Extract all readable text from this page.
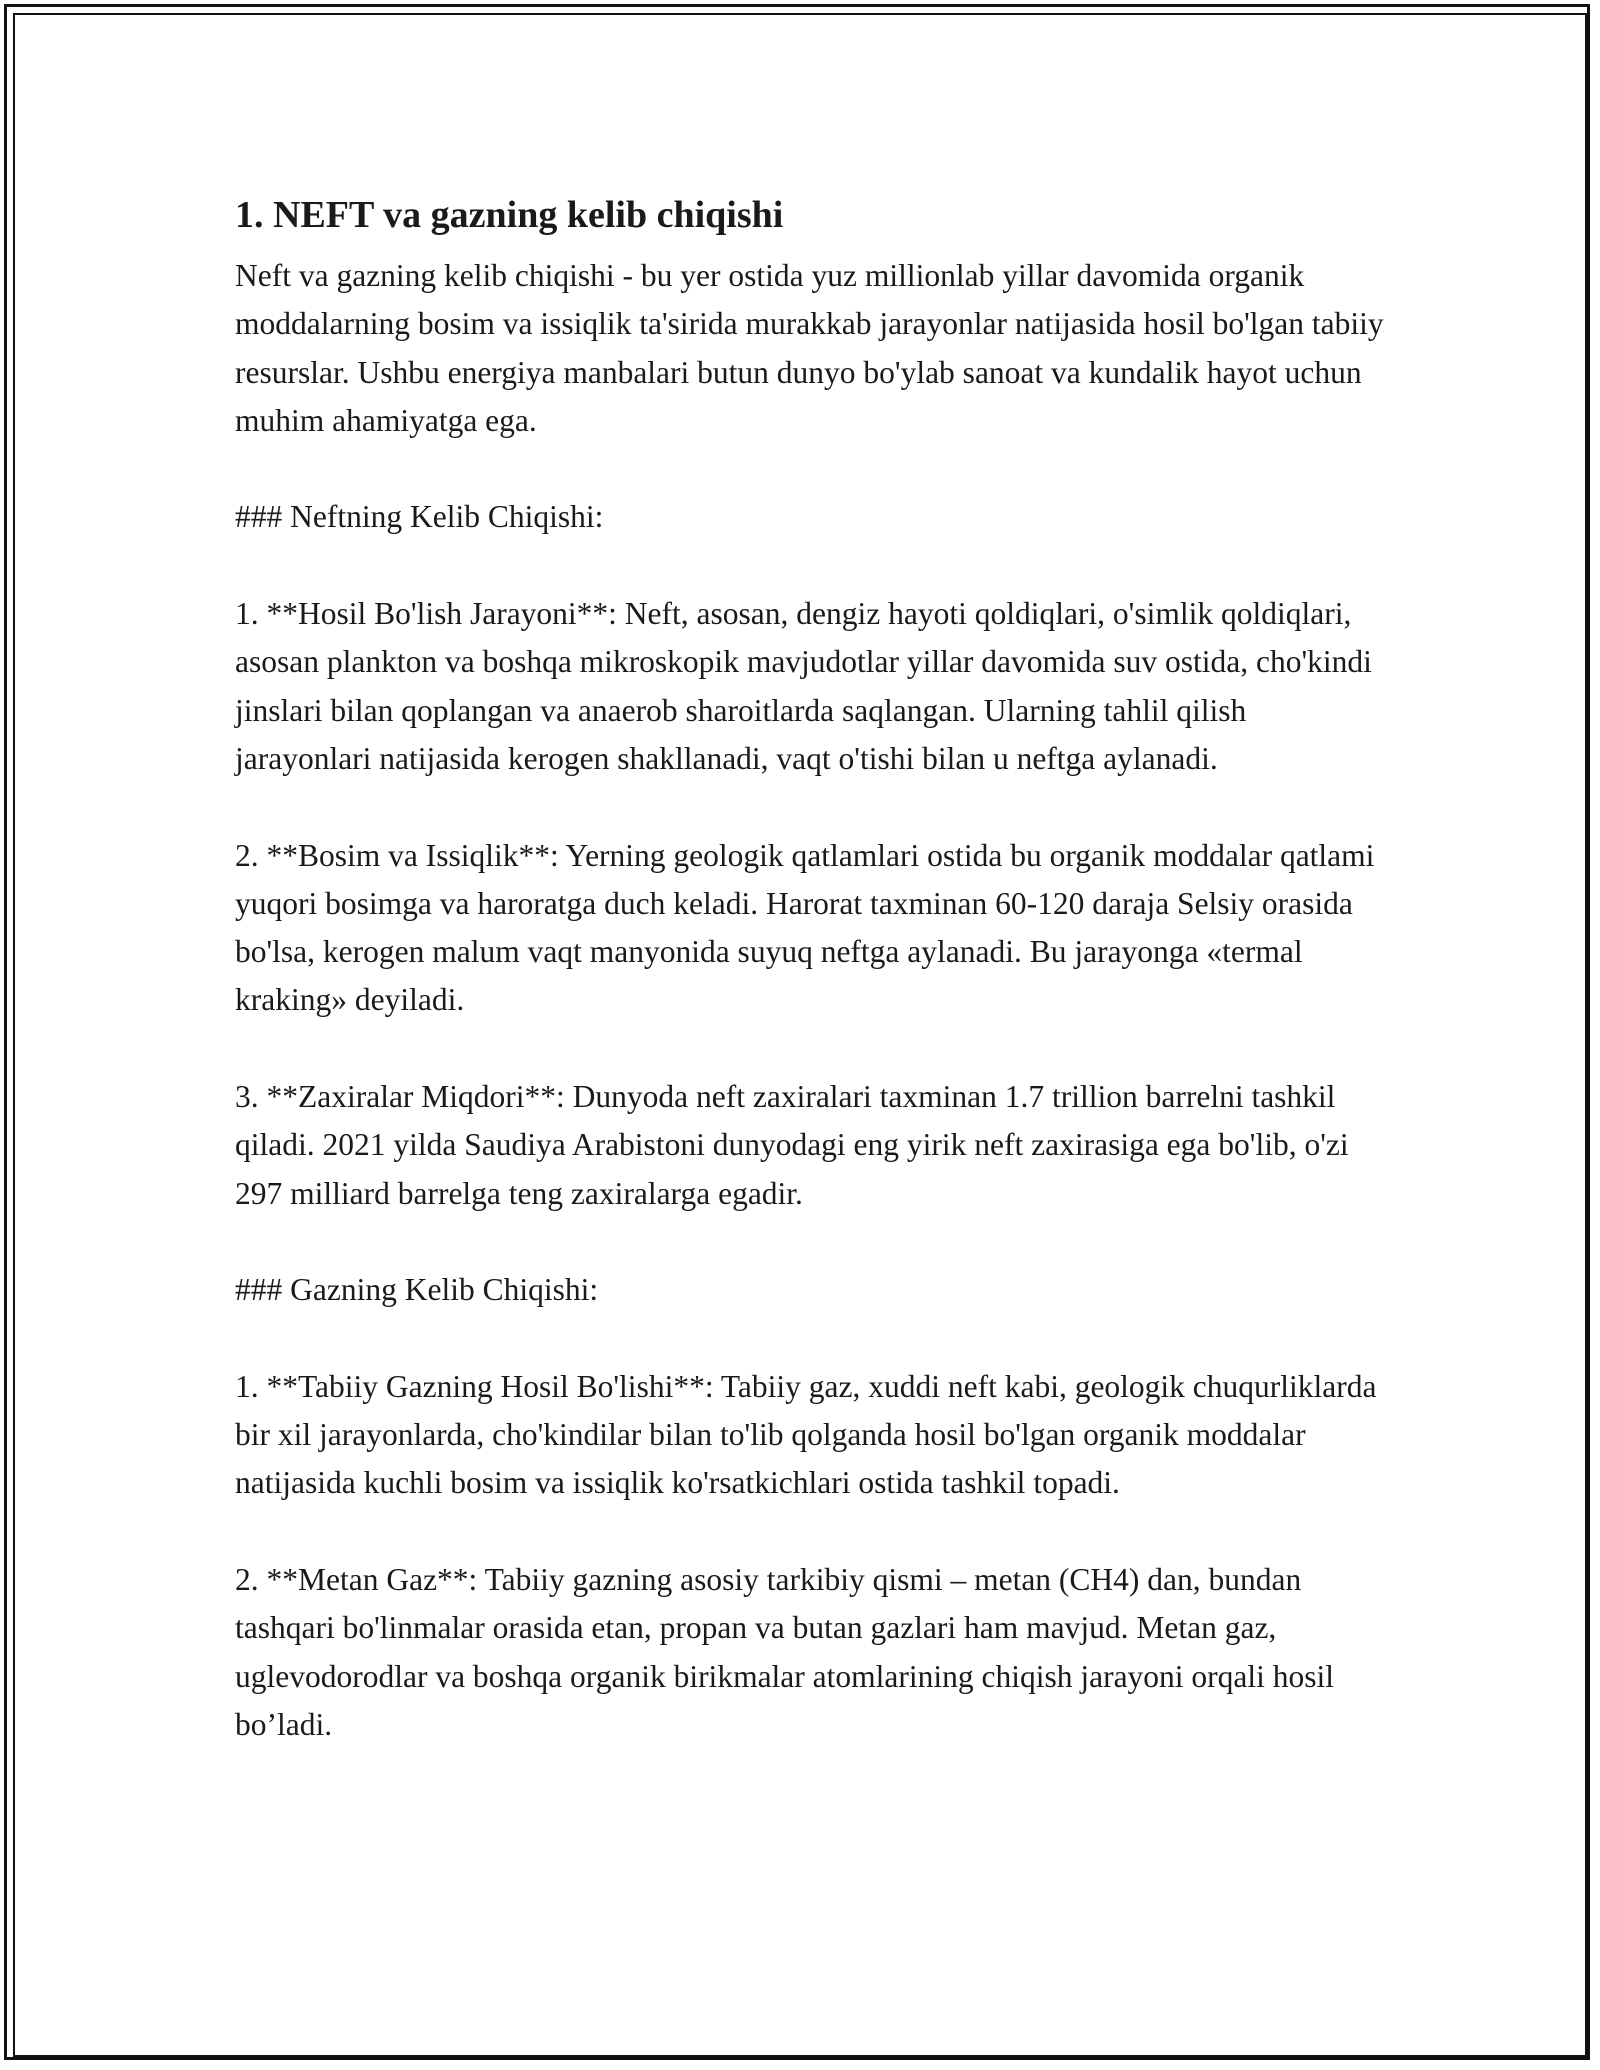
1. NEFT va gazning kelib chiqishi

Neft va gazning kelib chiqishi - bu yer ostida yuz millionlab yillar davomida organik moddalarning bosim va issiqlik ta'sirida murakkab jarayonlar natijasida hosil bo'lgan tabiiy resurslar. Ushbu energiya manbalari butun dunyo bo'ylab sanoat va kundalik hayot uchun muhim ahamiyatga ega.

### Neftning Kelib Chiqishi:

1. **Hosil Bo'lish Jarayoni**: Neft, asosan, dengiz hayoti qoldiqlari, o'simlik qoldiqlari, asosan plankton va boshqa mikroskopik mavjudotlar yillar davomida suv ostida, cho'kindi jinslari bilan qoplangan va anaerob sharoitlarda saqlangan. Ularning tahlil qilish jarayonlari natijasida kerogen shakllanadi, vaqt o'tishi bilan u neftga aylanadi.

2. **Bosim va Issiqlik**: Yerning geologik qatlamlari ostida bu organik moddalar qatlami yuqori bosimga va haroratga duch keladi. Harorat taxminan 60-120 daraja Selsiy orasida bo'lsa, kerogen malum vaqt manyonida suyuq neftga aylanadi. Bu jarayonga «termal kraking» deyiladi.

3. **Zaxiralar Miqdori**: Dunyoda neft zaxiralari taxminan 1.7 trillion barrelni tashkil qiladi. 2021 yilda Saudiya Arabistoni dunyodagi eng yirik neft zaxirasiga ega bo'lib, o'zi 297 milliard barrelga teng zaxiralarga egadir.

### Gazning Kelib Chiqishi:

1. **Tabiiy Gazning Hosil Bo'lishi**: Tabiiy gaz, xuddi neft kabi, geologik chuqurliklarda bir xil jarayonlarda, cho'kindilar bilan to'lib qolganda hosil bo'lgan organik moddalar natijasida kuchli bosim va issiqlik ko'rsatkichlari ostida tashkil topadi.

2. **Metan Gaz**: Tabiiy gazning asosiy tarkibiy qismi – metan (CH4) dan, bundan tashqari bo'linmalar orasida etan, propan va butan gazlari ham mavjud. Metan gaz, uglevodorodlar va boshqa organik birikmalar atomlarining chiqish jarayoni orqali hosil bo’ladi.
